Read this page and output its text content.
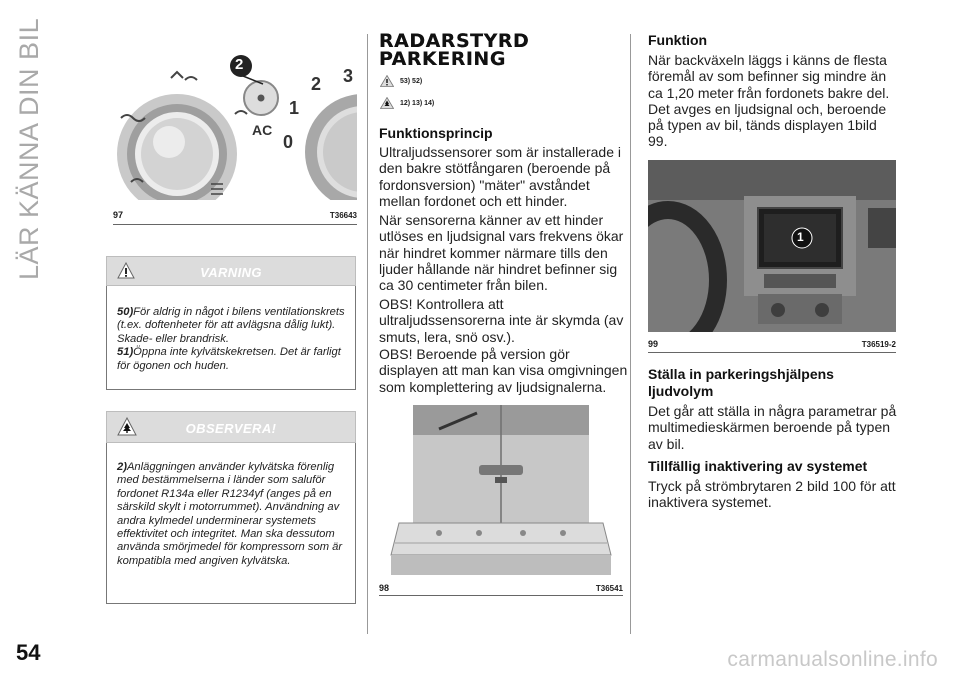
LÄR KÄNNA DIN BIL	2
AC
2 3
1
0
97	T36643
VARNING
50)För aldrig in något i bilens ventilationskrets (t.ex. doftenheter för att avlägsna dålig lukt). Skade- eller brandrisk.
51)Öppna inte kylvätskekretsen. Det är farligt för ögonen och huden.
OBSERVERA!
2)Anläggningen använder kylvätska förenlig med bestämmelserna i länder som saluför fordonet R134a eller R1234yf (anges på en särskild skylt i motorrummet). Användning av andra kylmedel underminerar systemets effektivitet och integritet. Man ska dessutom använda smörjmedel för kompressorn som är kompatibla med angiven kylvätska.
RADARSTYRD
PARKERING
53) 52)
12) 13) 14)
Funktionsprincip
Ultraljudssensorer som är installerade i den bakre stötfångaren (beroende på fordonsversion) "mäter" avståndet mellan fordonet och ett hinder.
När sensorerna känner av ett hinder utlöses en ljudsignal vars frekvens ökar när hindret kommer närmare tills den ljuder hållande när hindret befinner sig ca 30 centimeter från bilen.
OBS! Kontrollera att ultraljudssensorerna inte är skymda (av smuts, lera, snö osv.).
OBS! Beroende på version gör displayen att man kan visa omgivningen som komplettering av ljudsignalerna.
98	T36541
Funktion
När backväxeln läggs i känns de flesta föremål av som befinner sig mindre än ca 1,20 meter från fordonets bakre del. Det avges en ljudsignal och, beroende på typen av bil, tänds displayen 1bild 99.
1
99	T36519-2
Ställa in parkeringshjälpens ljudvolym
Det går att ställa in några parametrar på multimedieskärmen beroende på typen av bil.
Tillfällig inaktivering av systemet
Tryck på strömbrytaren 2 bild 100 för att inaktivera systemet.
54	carmanualsonline.info
